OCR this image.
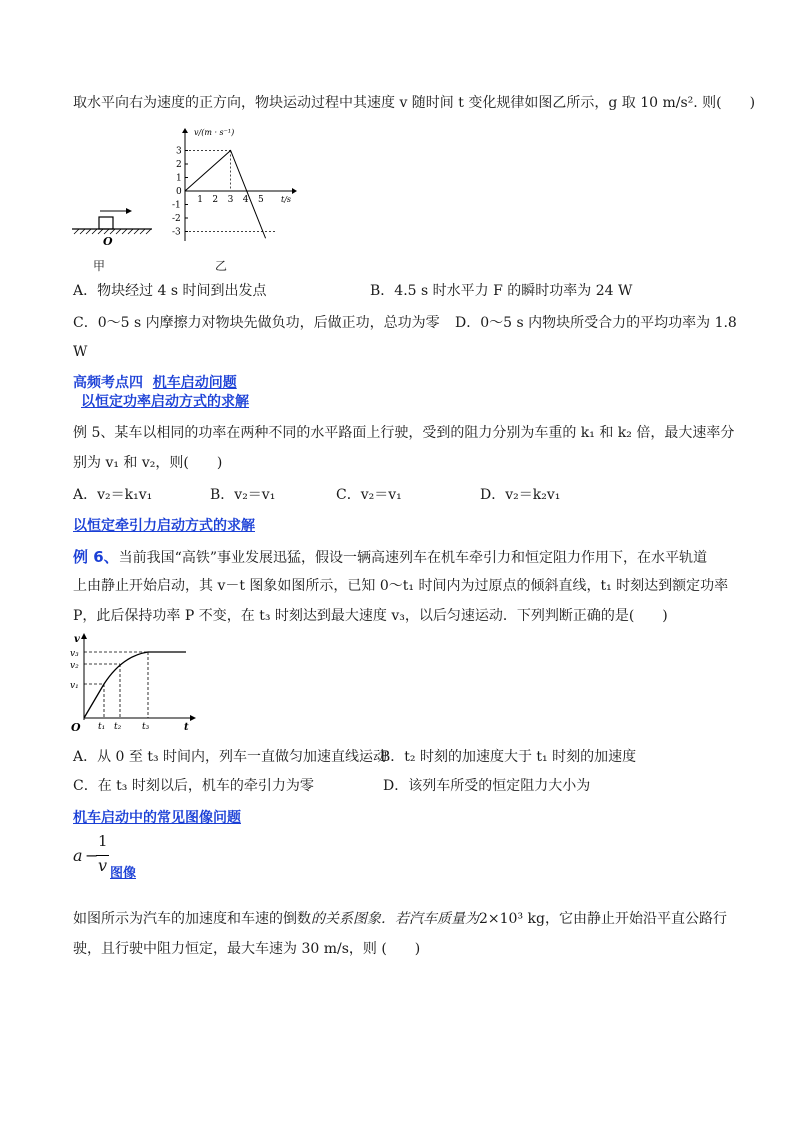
取水平向右为速度的正方向，物块运动过程中其速度 v 随时间 t 变化规律如图乙所示，g 取 10 m/s². 则(　　)
O
甲
1 2 3 4 5
3
2
1
0
-1
-2
-3
v/(m · s⁻¹)
t/s
乙
A．物块经过 4 s 时间到出发点	B．4.5 s 时水平力 F 的瞬时功率为 24 W
C．0～5 s 内摩擦力对物块先做负功，后做正功，总功为零 D．0～5 s 内物块所受合力的平均功率为 1.8
W
高频考点四 机车启动问题
以恒定功率启动方式的求解
例 5、某车以相同的功率在两种不同的水平路面上行驶，受到的阻力分别为车重的 k₁ 和 k₂ 倍，最大速率分
别为 v₁ 和 v₂，则(　　)
A．v₂＝k₁v₁	B．v₂＝v₁	C．v₂＝v₁	D．v₂＝k₂v₁
以恒定牵引力启动方式的求解
例 6、当前我国“高铁”事业发展迅猛，假设一辆高速列车在机车牵引力和恒定阻力作用下，在水平轨道
上由静止开始启动，其 v－t 图象如图所示，已知 0～t₁ 时间内为过原点的倾斜直线，t₁ 时刻达到额定功率
P，此后保持功率 P 不变，在 t₃ 时刻达到最大速度 v₃，以后匀速运动．下列判断正确的是(　　)
v
O	t
v₃
v₂
v₁
t₁ t₂ t₃
A．从 0 至 t₃ 时间内，列车一直做匀加速直线运动
B．t₂ 时刻的加速度大于 t₁ 时刻的加速度
C．在 t₃ 时刻以后，机车的牵引力为零	D．该列车所受的恒定阻力大小为
机车启动中的常见图像问题
a −
1
v 图像
如图所示为汽车的加速度和车速的倒数的关系图象．若汽车质量为2×10³ kg，它由静止开始沿平直公路行
驶，且行驶中阻力恒定，最大车速为 30 m/s，则 (　　)
